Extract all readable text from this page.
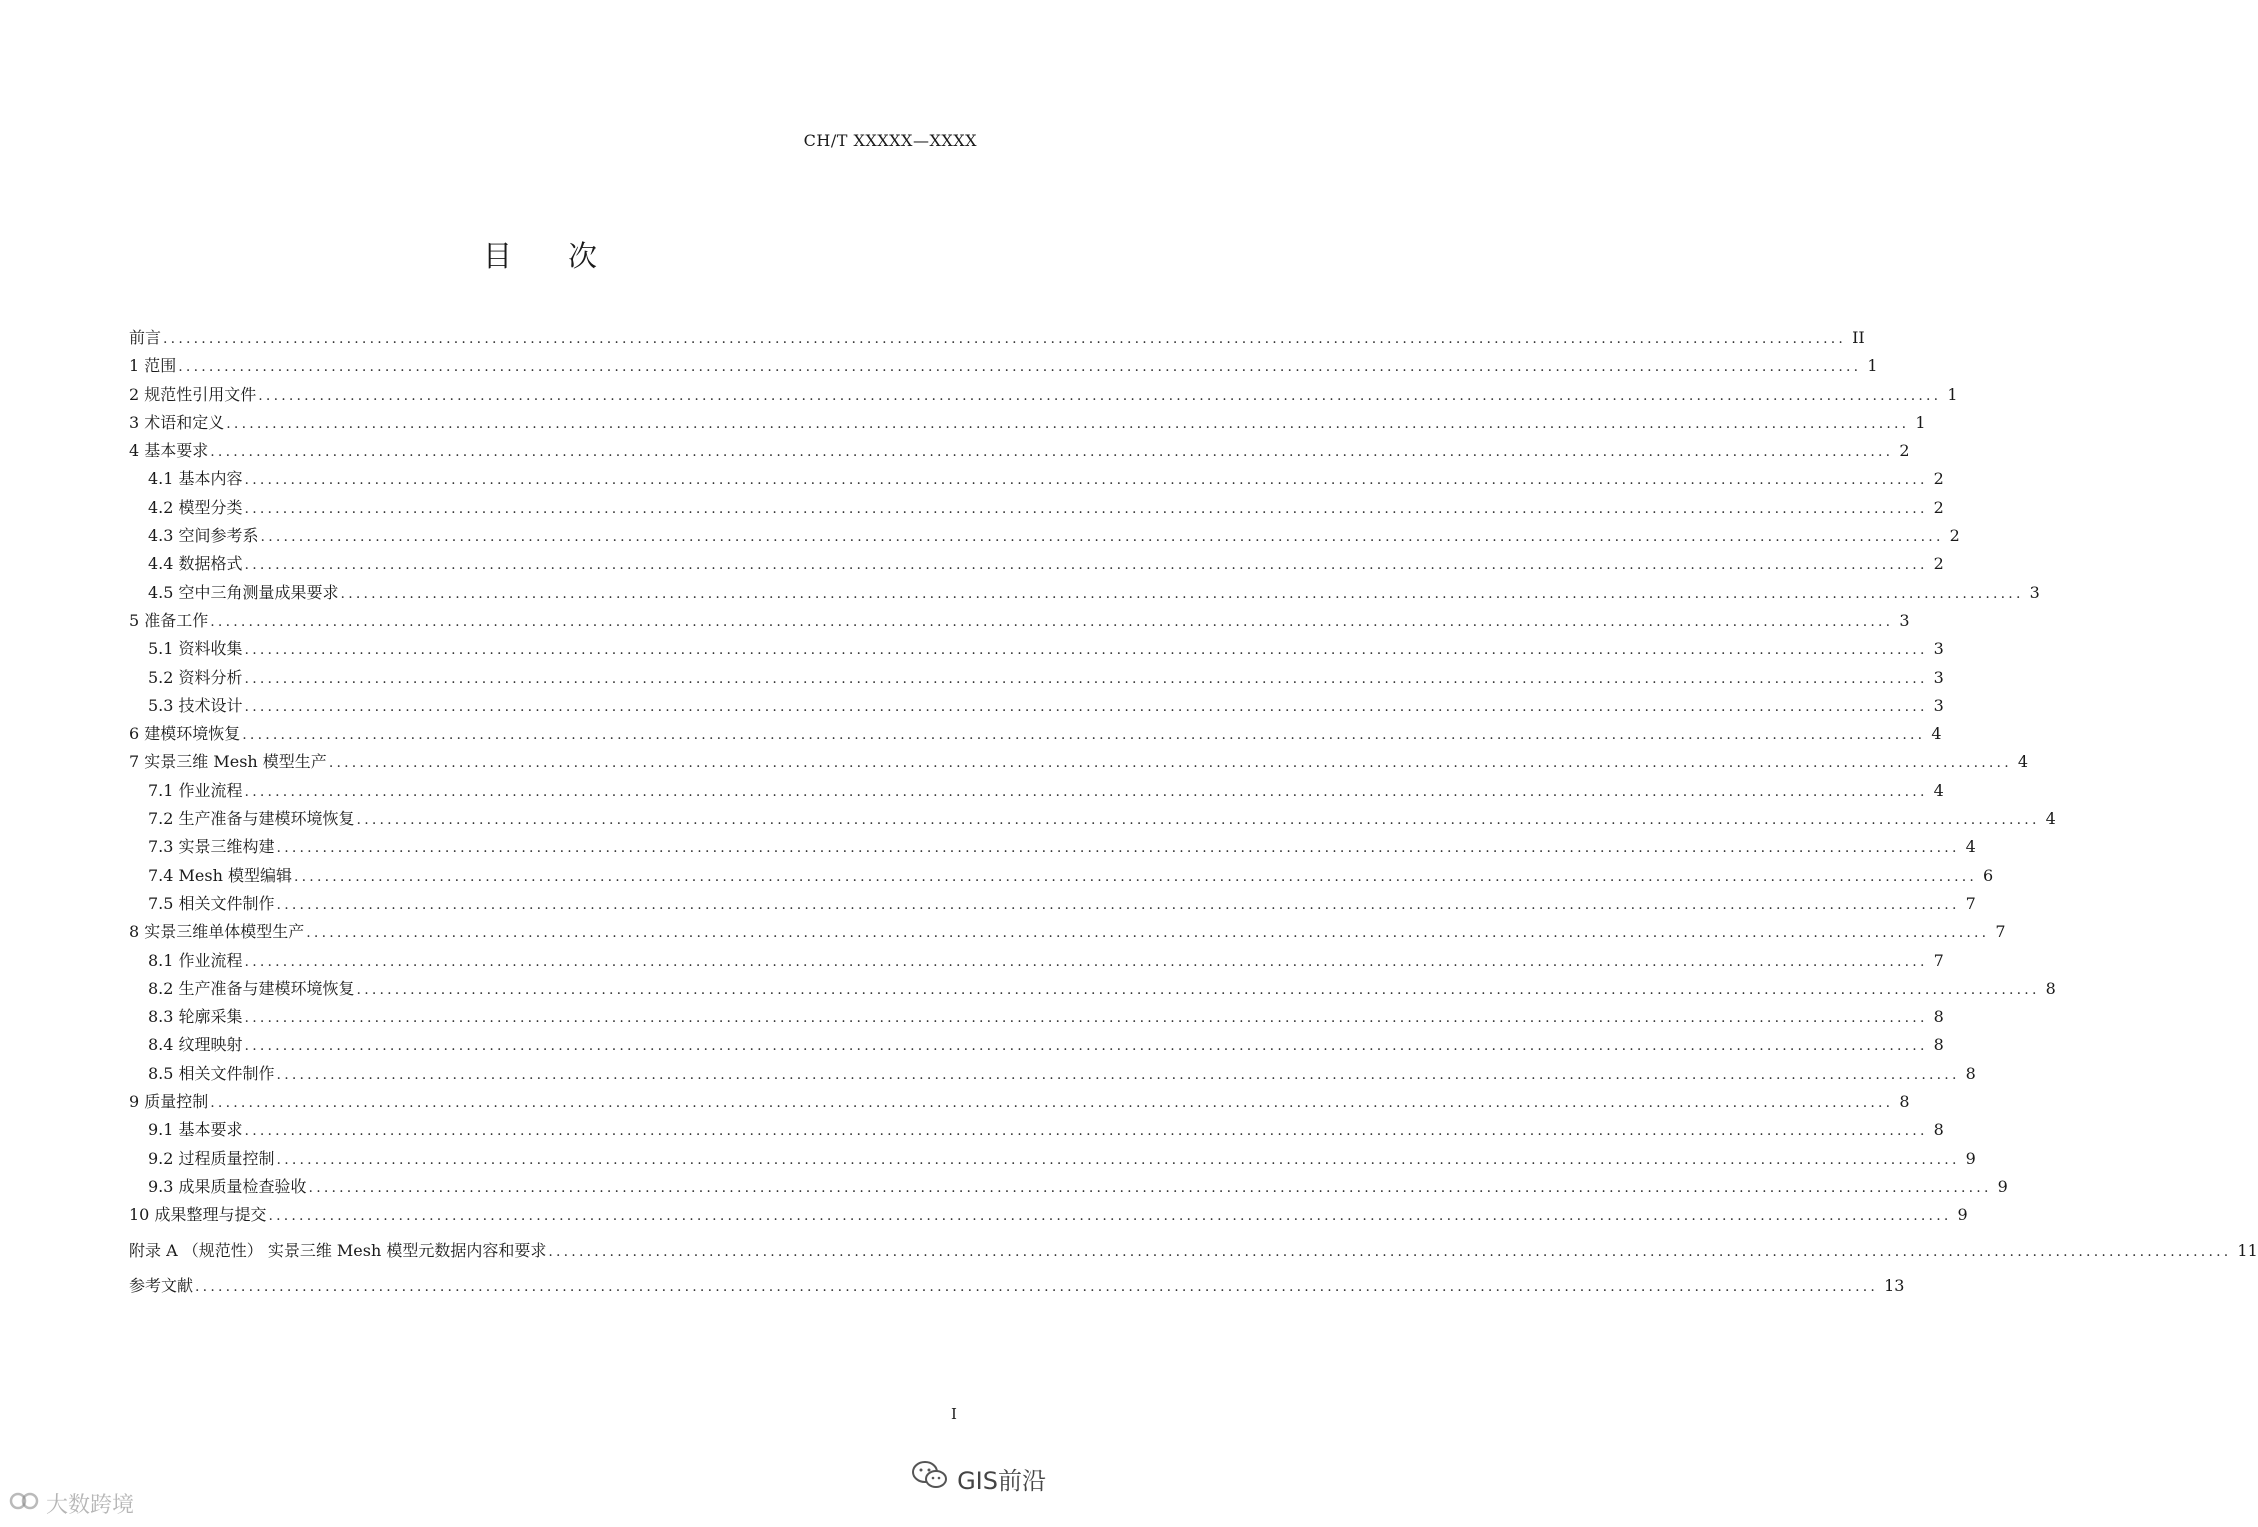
CH/T XXXXX—XXXX
目次
前言 ............................................................................................................................................................................................................................ II
1 范围 ............................................................................................................................................................................................................................ 1
2 规范性引用文件 ............................................................................................................................................................................................................................ 1
3 术语和定义 ............................................................................................................................................................................................................................ 1
4 基本要求 ............................................................................................................................................................................................................................ 2
4.1 基本内容 ............................................................................................................................................................................................................................ 2
4.2 模型分类 ............................................................................................................................................................................................................................ 2
4.3 空间参考系 ............................................................................................................................................................................................................................ 2
4.4 数据格式 ............................................................................................................................................................................................................................ 2
4.5 空中三角测量成果要求 ............................................................................................................................................................................................................................ 3
5 准备工作 ............................................................................................................................................................................................................................ 3
5.1 资料收集 ............................................................................................................................................................................................................................ 3
5.2 资料分析 ............................................................................................................................................................................................................................ 3
5.3 技术设计 ............................................................................................................................................................................................................................ 3
6 建模环境恢复 ............................................................................................................................................................................................................................ 4
7 实景三维 Mesh 模型生产 ............................................................................................................................................................................................................................ 4
7.1 作业流程 ............................................................................................................................................................................................................................ 4
7.2 生产准备与建模环境恢复 ............................................................................................................................................................................................................................ 4
7.3 实景三维构建 ............................................................................................................................................................................................................................ 4
7.4 Mesh 模型编辑 ............................................................................................................................................................................................................................ 6
7.5 相关文件制作 ............................................................................................................................................................................................................................ 7
8 实景三维单体模型生产 ............................................................................................................................................................................................................................ 7
8.1 作业流程 ............................................................................................................................................................................................................................ 7
8.2 生产准备与建模环境恢复 ............................................................................................................................................................................................................................ 8
8.3 轮廓采集 ............................................................................................................................................................................................................................ 8
8.4 纹理映射 ............................................................................................................................................................................................................................ 8
8.5 相关文件制作 ............................................................................................................................................................................................................................ 8
9 质量控制 ............................................................................................................................................................................................................................ 8
9.1 基本要求 ............................................................................................................................................................................................................................ 8
9.2 过程质量控制 ............................................................................................................................................................................................................................ 9
9.3 成果质量检查验收 ............................................................................................................................................................................................................................ 9
10 成果整理与提交 ............................................................................................................................................................................................................................ 9
附录 A （规范性） 实景三维 Mesh 模型元数据内容和要求 ............................................................................................................................................................................................................................ 11
参考文献 ............................................................................................................................................................................................................................ 13
I
大数跨境
GIS前沿
